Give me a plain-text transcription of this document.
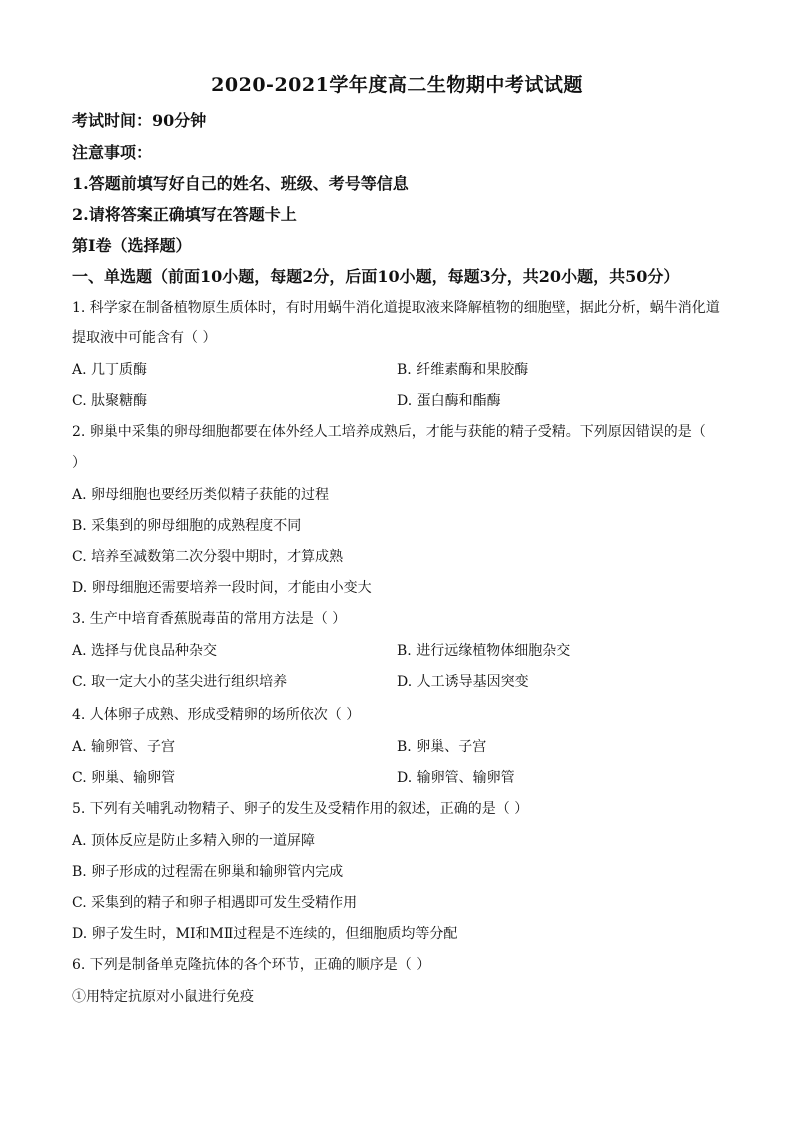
2020-2021学年度高二生物期中考试试题
考试时间：90分钟
注意事项：
1.答题前填写好自己的姓名、班级、考号等信息
2.请将答案正确填写在答题卡上
第I卷（选择题）
一、单选题（前面10小题，每题2分，后面10小题，每题3分，共20小题，共50分）
1. 科学家在制备植物原生质体时，有时用蜗牛消化道提取液来降解植物的细胞壁，据此分析，蜗牛消化道
提取液中可能含有（ ）
A. 几丁质酶	B. 纤维素酶和果胶酶
C. 肽聚糖酶	D. 蛋白酶和酯酶
2. 卵巢中采集的卵母细胞都要在体外经人工培养成熟后，才能与获能的精子受精。下列原因错误的是（
）
A. 卵母细胞也要经历类似精子获能的过程
B. 采集到的卵母细胞的成熟程度不同
C. 培养至减数第二次分裂中期时，才算成熟
D. 卵母细胞还需要培养一段时间，才能由小变大
3. 生产中培育香蕉脱毒苗的常用方法是（ ）
A. 选择与优良品种杂交	B. 进行远缘植物体细胞杂交
C. 取一定大小的茎尖进行组织培养	D. 人工诱导基因突变
4. 人体卵子成熟、形成受精卵的场所依次（ ）
A. 输卵管、子宫	B. 卵巢、子宫
C. 卵巢、输卵管	D. 输卵管、输卵管
5. 下列有关哺乳动物精子、卵子的发生及受精作用的叙述，正确的是（ ）
A. 顶体反应是防止多精入卵的一道屏障
B. 卵子形成的过程需在卵巢和输卵管内完成
C. 采集到的精子和卵子相遇即可发生受精作用
D. 卵子发生时，MⅠ和MⅡ过程是不连续的，但细胞质均等分配
6. 下列是制备单克隆抗体的各个环节，正确的顺序是（ ）
①用特定抗原对小鼠进行免疫
